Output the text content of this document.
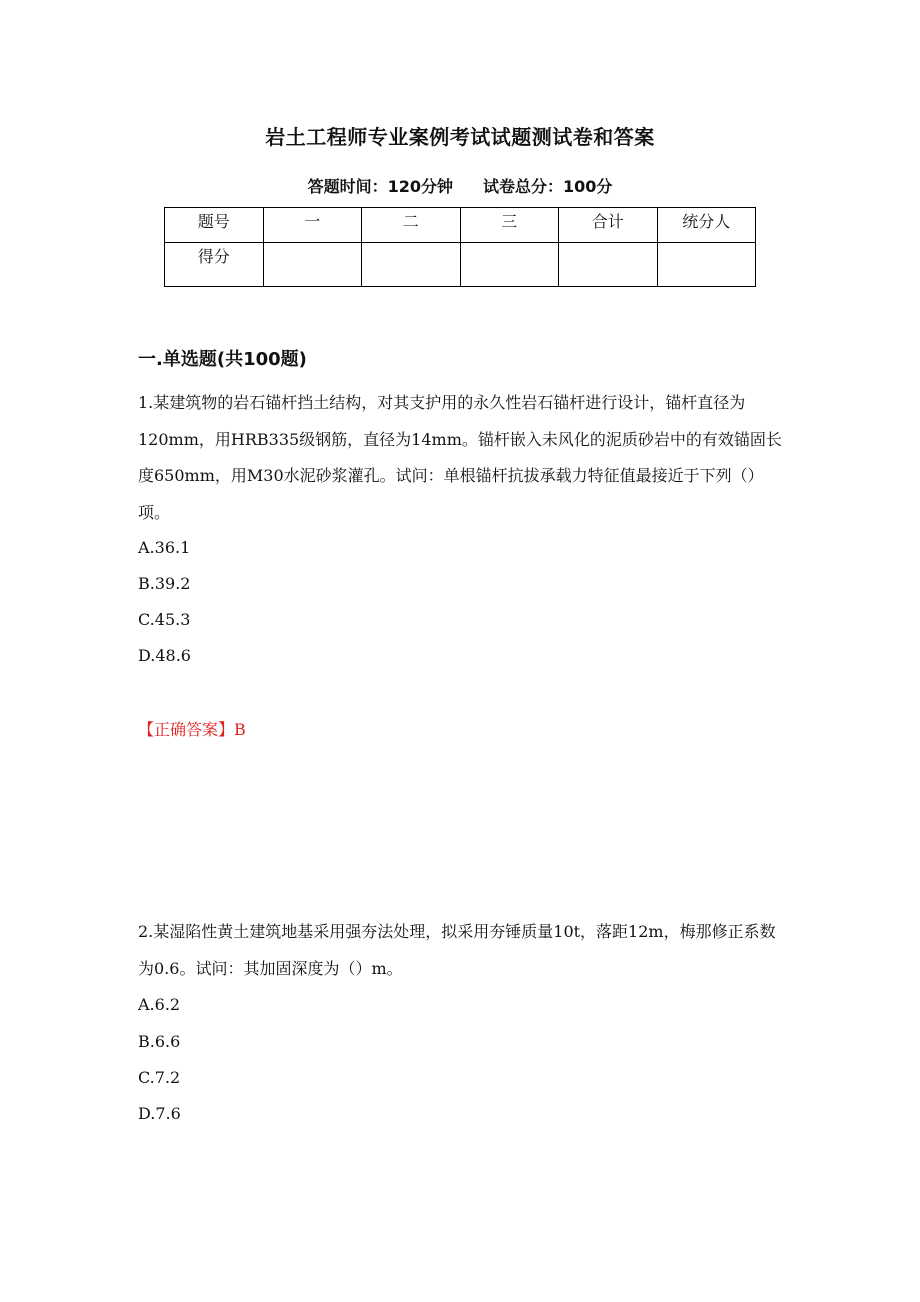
岩土工程师专业案例考试试题测试卷和答案
答题时间：120分钟 试卷总分：100分
题号	一	二	三	合计	统分人
得分					
一.单选题(共100题)
1.某建筑物的岩石锚杆挡土结构，对其支护用的永久性岩石锚杆进行设计，锚杆直径为120mm，用HRB335级钢筋，直径为14mm。锚杆嵌入未风化的泥质砂岩中的有效锚固长度650mm，用M30水泥砂浆灌孔。试问：单根锚杆抗拔承载力特征值最接近于下列（）项。
A.36.1
B.39.2
C.45.3
D.48.6
【正确答案】B
2.某湿陷性黄土建筑地基采用强夯法处理，拟采用夯锤质量10t，落距12m，梅那修正系数为0.6。试问：其加固深度为（）m。
A.6.2
B.6.6
C.7.2
D.7.6
